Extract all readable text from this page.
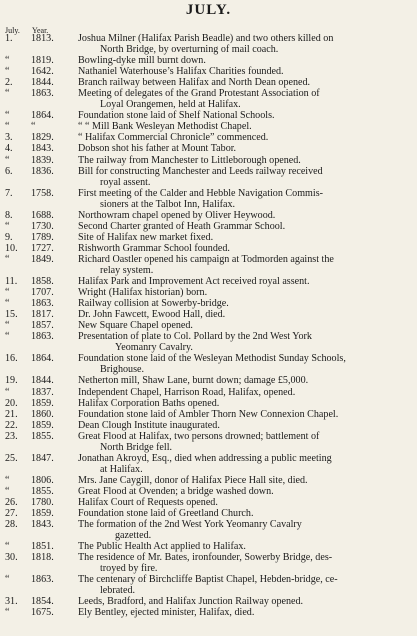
JULY.
July. Year.
1.	1813.	Joshua Milner (Halifax Parish Beadle) and two others killed on
North Bridge, by overturning of mail coach.
“	1819.	Bowling-dyke mill burnt down.
“	1642.	Nathaniel Waterhouse’s Halifax Charities founded.
2.	1844.	Branch railway between Halifax and North Dean opened.
“	1863.	Meeting of delegates of the Grand Protestant Association of
Loyal Orangemen, held at Halifax.
“	1864.	Foundation stone laid of Shelf National Schools.
“	“	“ “ Mill Bank Wesleyan Methodist Chapel.
3.	1829.	“ Halifax Commercial Chronicle” commenced.
4.	1843.	Dobson shot his father at Mount Tabor.
“	1839.	The railway from Manchester to Littleborough opened.
6.	1836.	Bill for constructing Manchester and Leeds railway received
royal assent.
7.	1758.	First meeting of the Calder and Hebble Navigation Commis-
sioners at the Talbot Inn, Halifax.
8.	1688.	Northowram chapel opened by Oliver Heywood.
“	1730.	Second Charter granted of Heath Grammar School.
9.	1789.	Site of Halifax new market fixed.
10.	1727.	Rishworth Grammar School founded.
“	1849.	Richard Oastler opened his campaign at Todmorden against the
relay system.
11.	1858.	Halifax Park and Improvement Act received royal assent.
“	1707.	Wright (Halifax historian) born.
“	1863.	Railway collision at Sowerby-bridge.
15.	1817.	Dr. John Fawcett, Ewood Hall, died.
“	1857.	New Square Chapel opened.
“	1863.	Presentation of plate to Col. Pollard by the 2nd West York
Yeomanry Cavalry.
16.	1864.	Foundation stone laid of the Wesleyan Methodist Sunday Schools,
Brighouse.
19.	1844.	Netherton mill, Shaw Lane, burnt down; damage £5,000.
“	1837.	Independent Chapel, Harrison Road, Halifax, opened.
20.	1859.	Halifax Corporation Baths opened.
21.	1860.	Foundation stone laid of Ambler Thorn New Connexion Chapel.
22.	1859.	Dean Clough Institute inaugurated.
23.	1855.	Great Flood at Halifax, two persons drowned; battlement of
North Bridge fell.
25.	1847.	Jonathan Akroyd, Esq., died when addressing a public meeting
at Halifax.
“	1806.	Mrs. Jane Caygill, donor of Halifax Piece Hall site, died.
“	1855.	Great Flood at Ovenden; a bridge washed down.
26.	1780.	Halifax Court of Requests opened.
27.	1859.	Foundation stone laid of Greetland Church.
28.	1843.	The formation of the 2nd West York Yeomanry Cavalry
gazetted.
“	1851.	The Public Health Act applied to Halifax.
30.	1818.	The residence of Mr. Bates, ironfounder, Sowerby Bridge, des-
troyed by fire.
“	1863.	The centenary of Birchcliffe Baptist Chapel, Hebden-bridge, ce-
lebrated.
31.	1854.	Leeds, Bradford, and Halifax Junction Railway opened.
“	1675.	Ely Bentley, ejected minister, Halifax, died.
